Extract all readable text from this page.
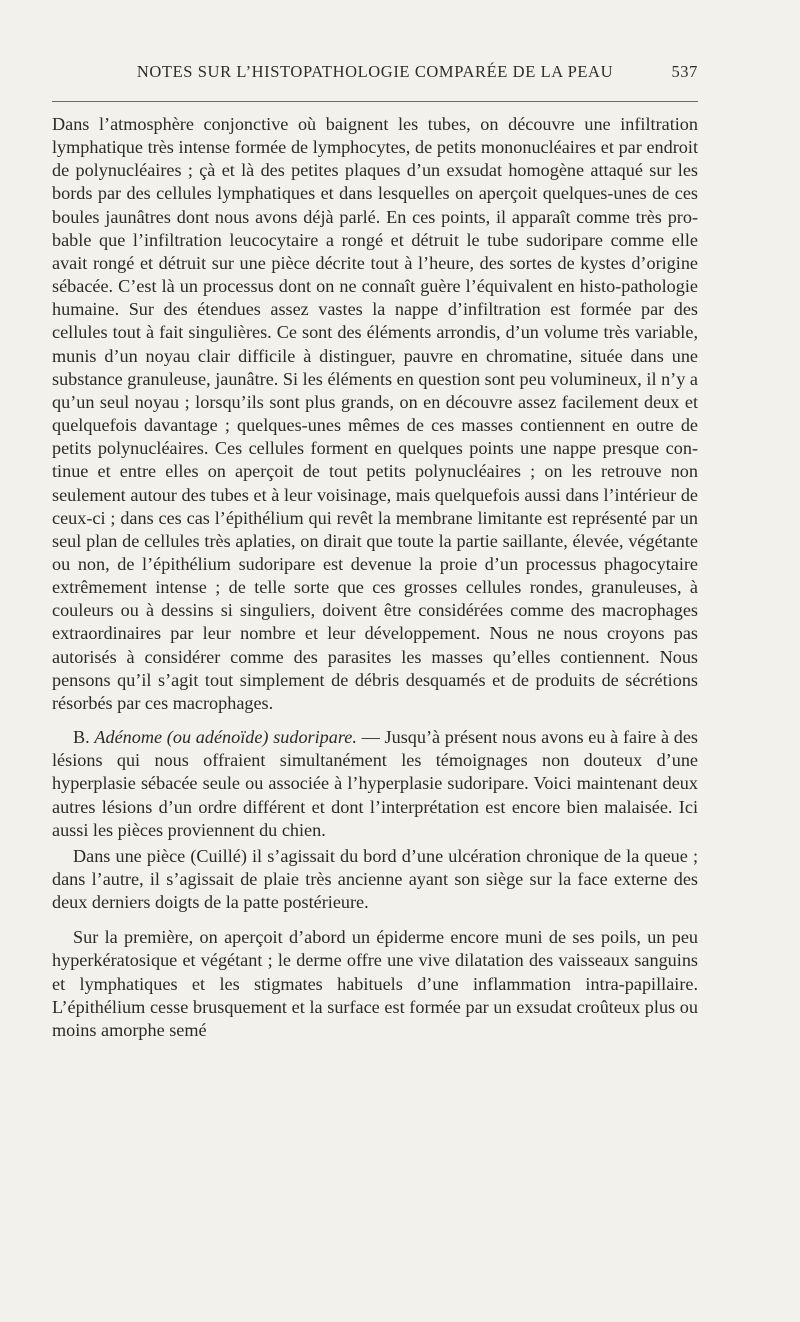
NOTES SUR L’HISTOPATHOLOGIE COMPARÉE DE LA PEAU	537

Dans l’atmosphère conjonctive où baignent les tubes, on découvre une infiltration lymphatique très intense formée de lymphocytes, de petits mononucléaires et par endroit de polynucléaires ; çà et là des petites plaques d’un exsudat homogène attaqué sur les bords par des cellules lymphatiques et dans lesquelles on aperçoit quelques-unes de ces boules jaunâtres dont nous avons déjà parlé. En ces points, il apparaît comme très probable que l’infiltration leucocytaire a rongé et détruit le tube sudoripare comme elle avait rongé et détruit sur une pièce décrite tout à l’heure, des sortes de kystes d’origine sébacée. C’est là un processus dont on ne connaît guère l’équivalent en histo-pathologie humaine. Sur des étendues assez vastes la nappe d’infiltration est formée par des cellules tout à fait singulières. Ce sont des éléments arrondis, d’un volume très variable, munis d’un noyau clair difficile à distinguer, pauvre en chromatine, située dans une substance granuleuse, jaunâtre. Si les éléments en question sont peu volumineux, il n’y a qu’un seul noyau ; lorsqu’ils sont plus grands, on en découvre assez facilement deux et quelquefois davantage ; quelques-unes mêmes de ces masses contiennent en outre de petits polynucléaires. Ces cellules forment en quelques points une nappe presque continue et entre elles on aperçoit de tout petits polynucléaires ; on les retrouve non seulement autour des tubes et à leur voisinage, mais quelquefois aussi dans l’intérieur de ceux-ci ; dans ces cas l’épithélium qui revêt la membrane limitante est représenté par un seul plan de cellules très aplaties, on dirait que toute la partie saillante, élevée, végétante ou non, de l’épithélium sudoripare est devenue la proie d’un processus phagocytaire extrêmement intense ; de telle sorte que ces grosses cellules rondes, granuleuses, à couleurs ou à dessins si singuliers, doivent être considérées comme des macrophages extraordinaires par leur nombre et leur développement. Nous ne nous croyons pas autorisés à considérer comme des parasites les masses qu’elles contiennent. Nous pensons qu’il s’agit tout simplement de débris desquamés et de produits de sécrétions résorbés par ces macrophages.

B. Adénome (ou adénoïde) sudoripare. — Jusqu’à présent nous avons eu à faire à des lésions qui nous offraient simultanément les témoignages non douteux d’une hyperplasie sébacée seule ou associée à l’hyperplasie sudoripare. Voici maintenant deux autres lésions d’un ordre différent et dont l’interprétation est encore bien malaisée. Ici aussi les pièces proviennent du chien.

Dans une pièce (Cuillé) il s’agissait du bord d’une ulcération chronique de la queue ; dans l’autre, il s’agissait de plaie très ancienne ayant son siège sur la face externe des deux derniers doigts de la patte postérieure.

Sur la première, on aperçoit d’abord un épiderme encore muni de ses poils, un peu hyperkératosique et végétant ; le derme offre une vive dilatation des vaisseaux sanguins et lymphatiques et les stigmates habituels d’une inflammation intra-papillaire. L’épithélium cesse brusquement et la surface est formée par un exsudat croûteux plus ou moins amorphe semé
